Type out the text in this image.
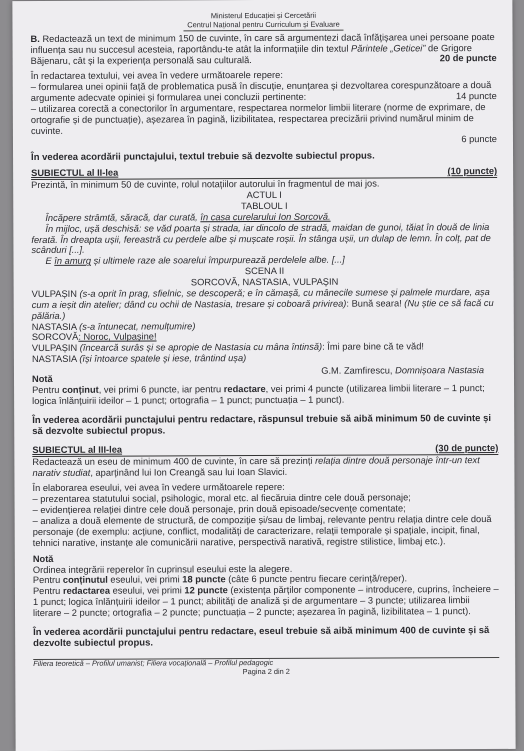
Ministerul Educației și Cercetării

Centrul Național pentru Curriculum și Evaluare

B. Redactează un text de minimum 150 de cuvinte, în care să argumentezi dacă înfățișarea unei persoane poate influența sau nu succesul acesteia, raportându-te atât la informațiile din textul Părintele „Geticei” de Grigore Băjenaru, cât și la experiența personală sau culturală.	20 de puncte

În redactarea textului, vei avea în vedere următoarele repere:

– formularea unei opinii față de problematica pusă în discuție, enunțarea și dezvoltarea corespunzătoare a două argumente adecvate opiniei și formularea unei concluzii pertinente:	14 puncte

– utilizarea corectă a conectorilor în argumentare, respectarea normelor limbii literare (norme de exprimare, de ortografie și de punctuație), așezarea în pagină, lizibilitatea, respectarea precizării privind numărul minim de cuvinte.

6 puncte

În vederea acordării punctajului, textul trebuie să dezvolte subiectul propus.

SUBIECTUL al II-lea	(10 puncte)

Prezintă, în minimum 50 de cuvinte, rolul notațiilor autorului în fragmentul de mai jos.

ACTUL I

TABLOUL I

Încăpere strâmtă, săracă, dar curată, în casa curelarului Ion Sorcovă.

În mijloc, ușă deschisă: se văd poarta și strada, iar dincolo de stradă, maidan de gunoi, tăiat în două de linia ferată. În dreapta ușii, fereastră cu perdele albe și mușcate roșii. În stânga ușii, un dulap de lemn. În colț, pat de scânduri [...].

E în amurg și ultimele raze ale soarelui împurpurează perdelele albe. [...]

SCENA II

SORCOVĂ, NASTASIA, VULPAȘIN

VULPAȘIN (s-a oprit în prag, sfielnic, se descoperă; e în cămașă, cu mânecile sumese și palmele murdare, așa cum a ieșit din atelier; dând cu ochii de Nastasia, tresare și coboară privirea): Bună seara! (Nu știe ce să facă cu pălăria.)

NASTASIA (s-a întunecat, nemulțumire)

SORCOVĂ: Noroc, Vulpașine!

VULPAȘIN (încearcă surâs și se apropie de Nastasia cu mâna întinsă): Îmi pare bine că te văd!

NASTASIA (își întoarce spatele și iese, trântind ușa)

G.M. Zamfirescu, Domnișoara Nastasia

Notă

Pentru conținut, vei primi 6 puncte, iar pentru redactare, vei primi 4 puncte (utilizarea limbii literare – 1 punct; logica înlănțuirii ideilor – 1 punct; ortografia – 1 punct; punctuația – 1 punct).

În vederea acordării punctajului pentru redactare, răspunsul trebuie să aibă minimum 50 de cuvinte și să dezvolte subiectul propus.

SUBIECTUL al III-lea	(30 de puncte)

Redactează un eseu de minimum 400 de cuvinte, în care să prezinți relația dintre două personaje într-un text narativ studiat, aparținând lui Ion Creangă sau lui Ioan Slavici.

În elaborarea eseului, vei avea în vedere următoarele repere:

– prezentarea statutului social, psihologic, moral etc. al fiecăruia dintre cele două personaje;

– evidențierea relației dintre cele două personaje, prin două episoade/secvențe comentate;

– analiza a două elemente de structură, de compoziție și/sau de limbaj, relevante pentru relația dintre cele două personaje (de exemplu: acțiune, conflict, modalități de caracterizare, relații temporale și spațiale, incipit, final, tehnici narative, instanțe ale comunicării narative, perspectivă narativă, registre stilistice, limbaj etc.).

Notă

Ordinea integrării reperelor în cuprinsul eseului este la alegere.

Pentru conținutul eseului, vei primi 18 puncte (câte 6 puncte pentru fiecare cerință/reper).

Pentru redactarea eseului, vei primi 12 puncte (existența părților componente – introducere, cuprins, încheiere – 1 punct; logica înlănțuirii ideilor – 1 punct; abilități de analiză și de argumentare – 3 puncte; utilizarea limbii literare – 2 puncte; ortografia – 2 puncte; punctuația – 2 puncte; așezarea în pagină, lizibilitatea – 1 punct).

În vederea acordării punctajului pentru redactare, eseul trebuie să aibă minimum 400 de cuvinte și să dezvolte subiectul propus.

Filiera teoretică – Profilul umanist; Filiera vocațională – Profilul pedagogic

Pagina 2 din 2
